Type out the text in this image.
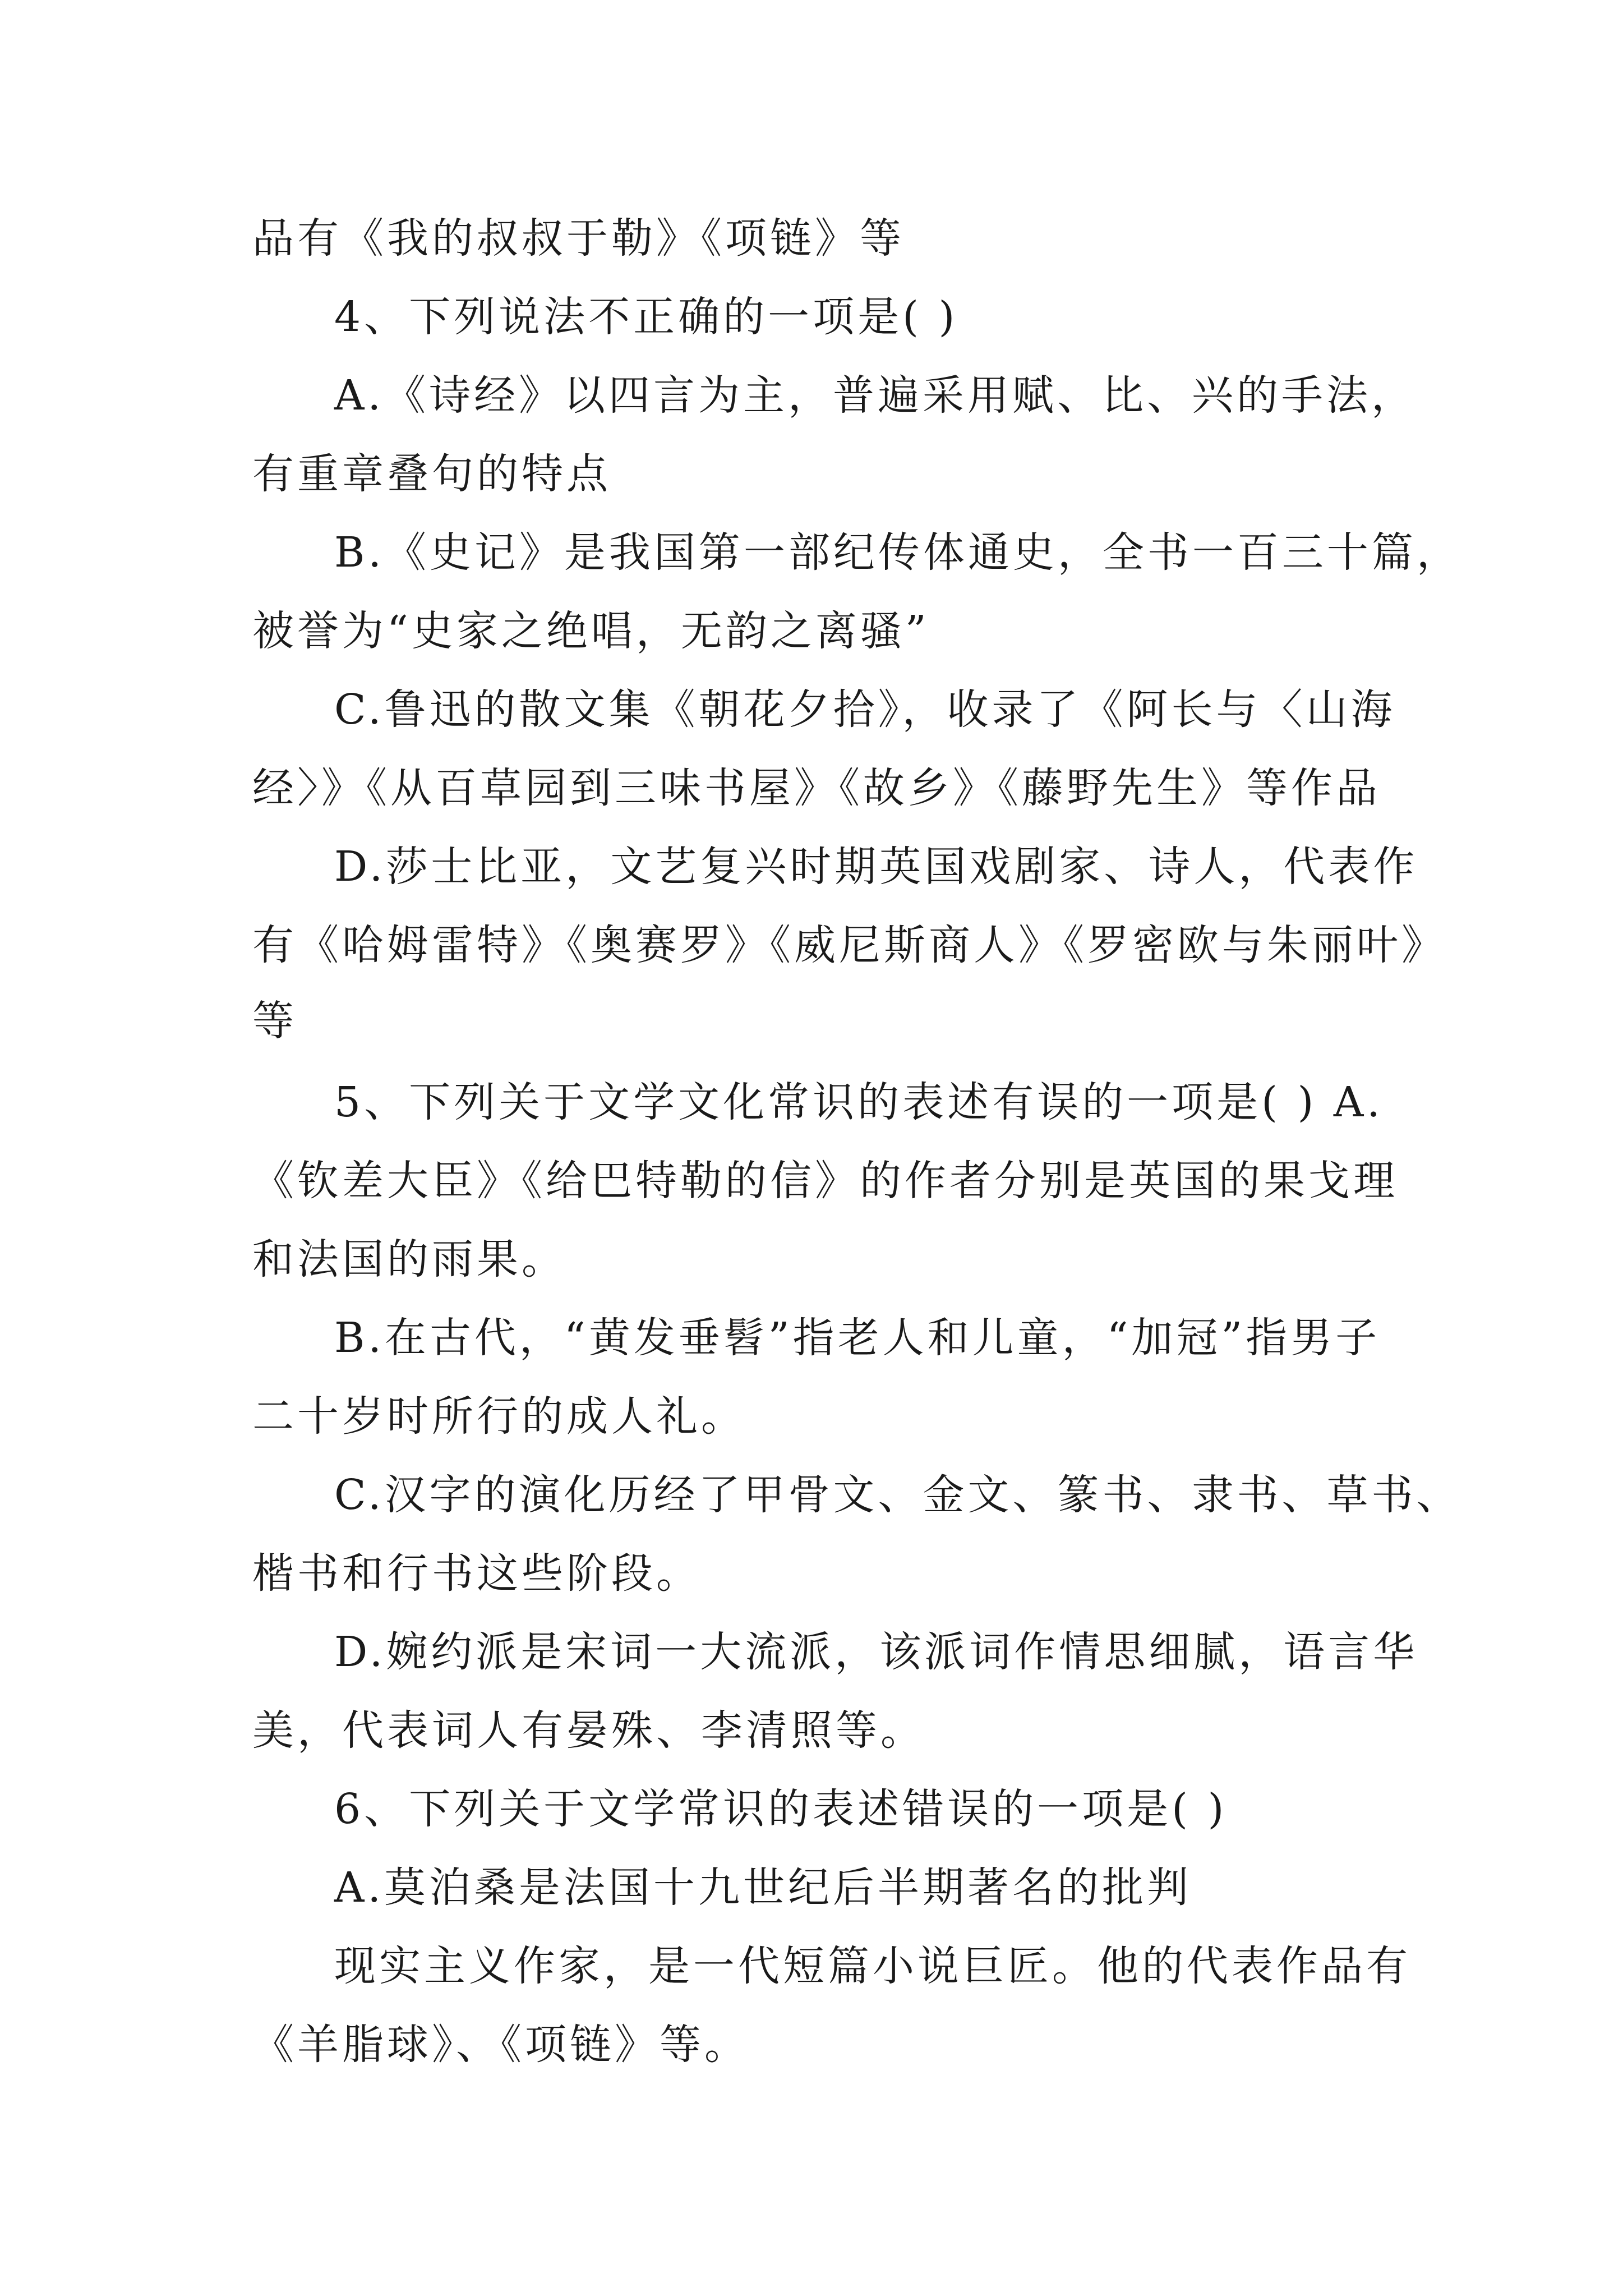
品有《我的叔叔于勒》《项链》等
4、下列说法不正确的一项是( )
A.《诗经》以四言为主，普遍采用赋、比、兴的手法，
有重章叠句的特点
B.《史记》是我国第一部纪传体通史，全书一百三十篇，
被誉为“史家之绝唱，无韵之离骚”
C.鲁迅的散文集《朝花夕拾》，收录了《阿长与〈山海
经〉》《从百草园到三味书屋》《故乡》《藤野先生》等作品
D.莎士比亚，文艺复兴时期英国戏剧家、诗人，代表作
有《哈姆雷特》《奥赛罗》《威尼斯商人》《罗密欧与朱丽叶》
等
5、下列关于文学文化常识的表述有误的一项是( ) A.
《钦差大臣》《给巴特勒的信》的作者分别是英国的果戈理
和法国的雨果。
B.在古代，“黄发垂髫”指老人和儿童，“加冠”指男子
二十岁时所行的成人礼。
C.汉字的演化历经了甲骨文、金文、篆书、隶书、草书、
楷书和行书这些阶段。
D.婉约派是宋词一大流派，该派词作情思细腻，语言华
美，代表词人有晏殊、李清照等。
6、下列关于文学常识的表述错误的一项是( )
A.莫泊桑是法国十九世纪后半期著名的批判
现实主义作家，是一代短篇小说巨匠。他的代表作品有
《羊脂球》、《项链》等。
